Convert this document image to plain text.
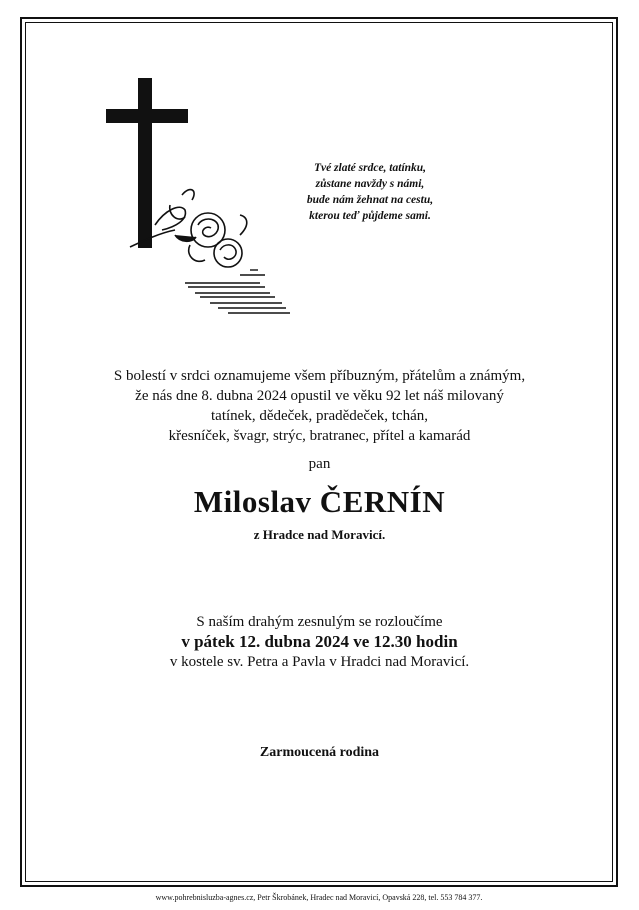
Tvé zlaté srdce, tatínku,
zůstane navždy s námi,
bude nám žehnat na cestu,
kterou teď půjdeme sami.
S bolestí v srdci oznamujeme všem příbuzným, přátelům a známým,
že nás dne 8. dubna 2024 opustil ve věku 92 let náš milovaný
tatínek, dědeček, pradědeček, tchán,
křesníček, švagr, strýc, bratranec, přítel a kamarád
pan
Miloslav ČERNÍN
z Hradce nad Moravicí.
S naším drahým zesnulým se rozloučíme
v pátek 12. dubna 2024 ve 12.30 hodin
v kostele sv. Petra a Pavla v Hradci nad Moravicí.
Zarmoucená rodina
www.pohrebnisluzba-agnes.cz, Petr Škrobánek, Hradec nad Moravicí, Opavská 228, tel. 553 784 377.
